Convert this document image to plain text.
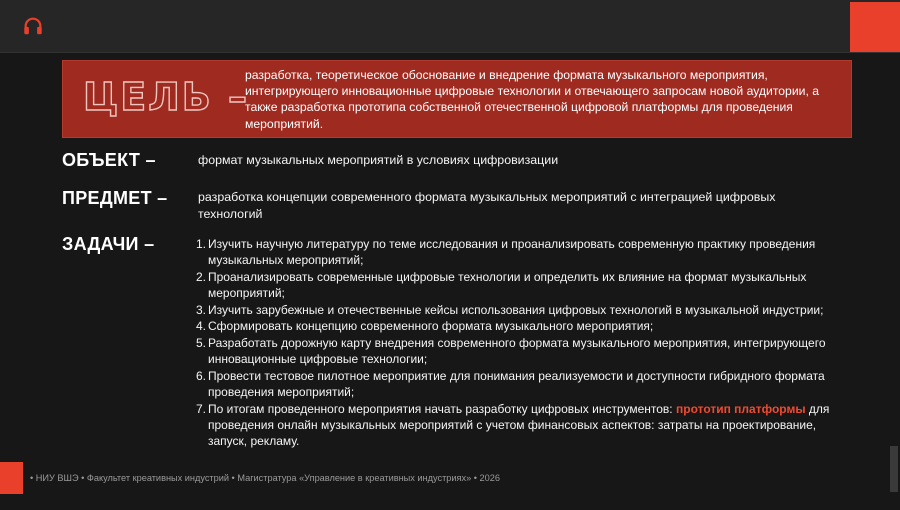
ЦЕЛЬ –
разработка, теоретическое обоснование и внедрение формата музыкального мероприятия, интегрирующего инновационные цифровые технологии и отвечающего запросам новой аудитории, а также разработка прототипа собственной отечественной цифровой платформы для проведения мероприятий.
ОБЪЕКТ –	формат музыкальных мероприятий в условиях цифровизации
ПРЕДМЕТ – разработка концепции современного формата музыкальных мероприятий с интеграцией цифровых технологий
ЗАДАЧИ –	1. Изучить научную литературу по теме исследования и проанализировать современную практику проведения музыкальных мероприятий;
2. Проанализировать современные цифровые технологии и определить их влияние на формат музыкальных мероприятий;
3. Изучить зарубежные и отечественные кейсы использования цифровых технологий в музыкальной индустрии;
4. Сформировать концепцию современного формата музыкального мероприятия;
5. Разработать дорожную карту внедрения современного формата музыкального мероприятия, интегрирующего инновационные цифровые технологии;
6. Провести тестовое пилотное мероприятие для понимания реализуемости и доступности гибридного формата проведения мероприятий;
7. По итогам проведенного мероприятия начать разработку цифровых инструментов: прототип платформы для проведения онлайн музыкальных мероприятий с учетом финансовых аспектов: затраты на проектирование, запуск, рекламу.
• НИУ ВШЭ • Факультет креативных индустрий • Магистратура «Управление в креативных индустриях» • 2026
